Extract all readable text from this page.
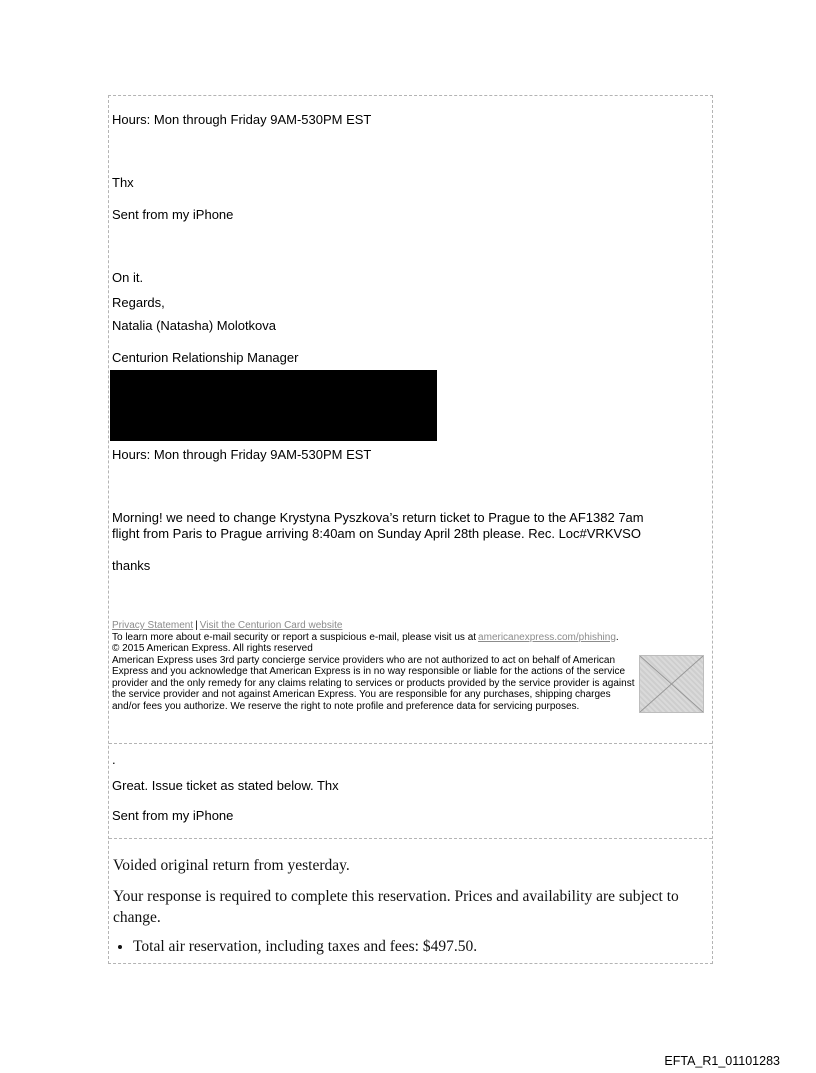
Hours: Mon through Friday 9AM-530PM EST

Thx

Sent from my iPhone

On it.

Regards,

Natalia (Natasha) Molotkova

Centurion Relationship Manager

Hours: Mon through Friday 9AM-530PM EST

Morning! we need to change Krystyna Pyszkova’s return ticket to Prague to the AF1382 7am flight from Paris to Prague arriving 8:40am on Sunday April 28th please. Rec. Loc#VRKVSO

thanks

Privacy Statement | Visit the Centurion Card website

To learn more about e-mail security or report a suspicious e-mail, please visit us at americanexpress.com/phishing.

© 2015 American Express. All rights reserved

American Express uses 3rd party concierge service providers who are not authorized to act on behalf of American Express and you acknowledge that American Express is in no way responsible or liable for the actions of the service provider and the only remedy for any claims relating to services or products provided by the service provider is against the service provider and not against American Express. You are responsible for any purchases, shipping charges and/or fees you authorize. We reserve the right to note profile and preference data for servicing purposes.

.

Great. Issue ticket as stated below. Thx

Sent from my iPhone

Voided original return from yesterday.

Your response is required to complete this reservation. Prices and availability are subject to change.

• Total air reservation, including taxes and fees: $497.50.
EFTA_R1_01101283
